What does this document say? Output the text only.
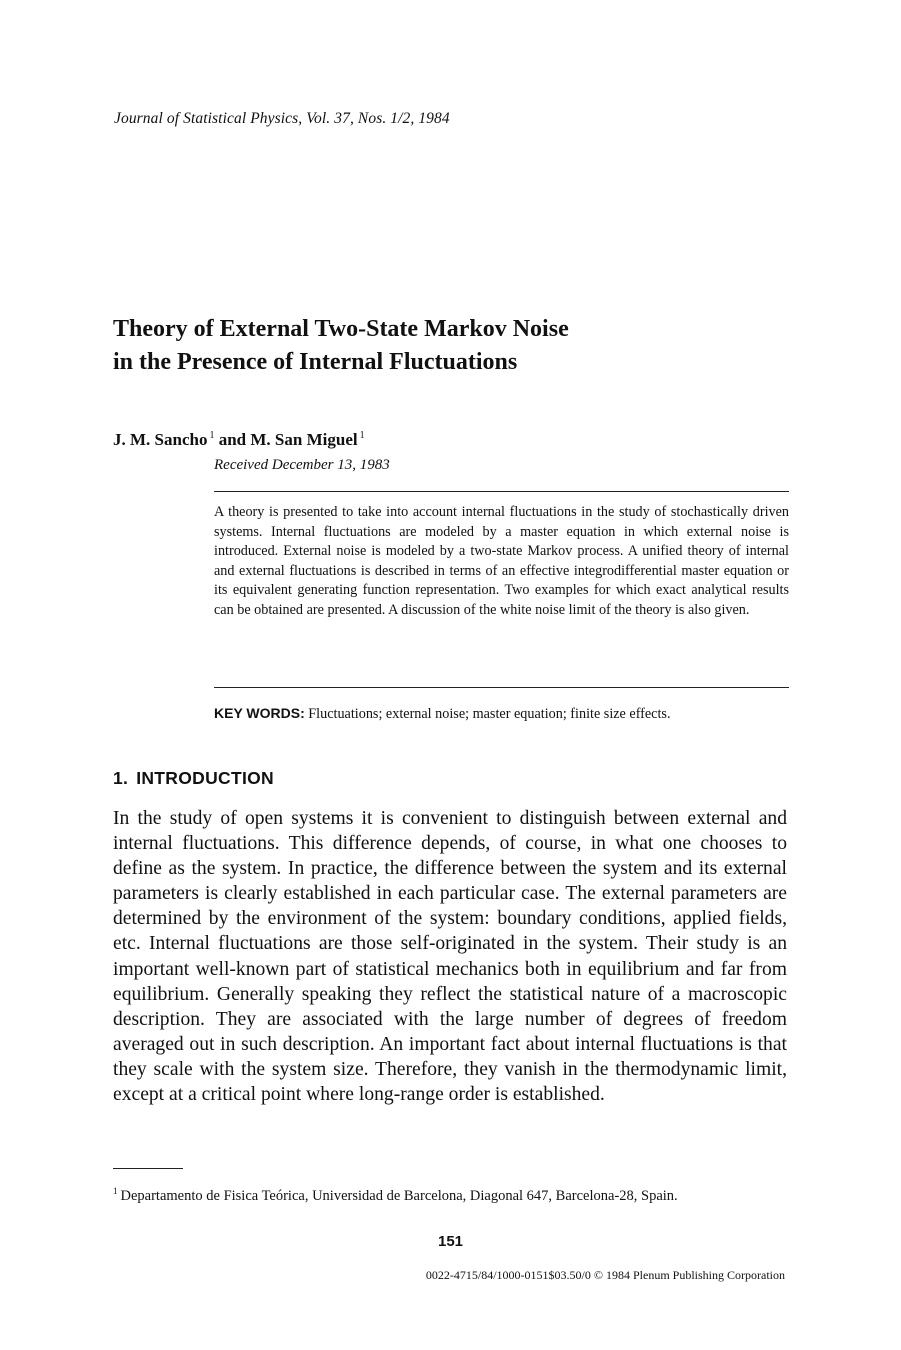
Journal of Statistical Physics, Vol. 37, Nos. 1/2, 1984
Theory of External Two-State Markov Noise
in the Presence of Internal Fluctuations
J. M. Sancho $^1$ and M. San Miguel $^1$
Received December 13, 1983
A theory is presented to take into account internal fluctuations in the study of stochastically driven systems. Internal fluctuations are modeled by a master equation in which external noise is introduced. External noise is modeled by a two-state Markov process. A unified theory of internal and external fluctuations is described in terms of an effective integrodifferential master equation or its equivalent generating function representation. Two examples for which exact analytical results can be obtained are presented. A discussion of the white noise limit of the theory is also given.
KEY WORDS: Fluctuations; external noise; master equation; finite size effects.
1. INTRODUCTION
In the study of open systems it is convenient to distinguish between external and internal fluctuations. This difference depends, of course, in what one chooses to define as the system. In practice, the difference between the system and its external parameters is clearly established in each particular case. The external parameters are determined by the environment of the system: boundary conditions, applied fields, etc. Internal fluctuations are those self-originated in the system. Their study is an important well-known part of statistical mechanics both in equilibrium and far from equilibrium. Generally speaking they reflect the statistical nature of a macroscopic description. They are associated with the large number of degrees of freedom averaged out in such description. An important fact about internal fluctuations is that they scale with the system size. Therefore, they vanish in the thermodynamic limit, except at a critical point where long-range order is established.
$^1$ Departamento de Fisica Teórica, Universidad de Barcelona, Diagonal 647, Barcelona-28, Spain.
151
0022-4715/84/1000-0151$03.50/0 © 1984 Plenum Publishing Corporation
